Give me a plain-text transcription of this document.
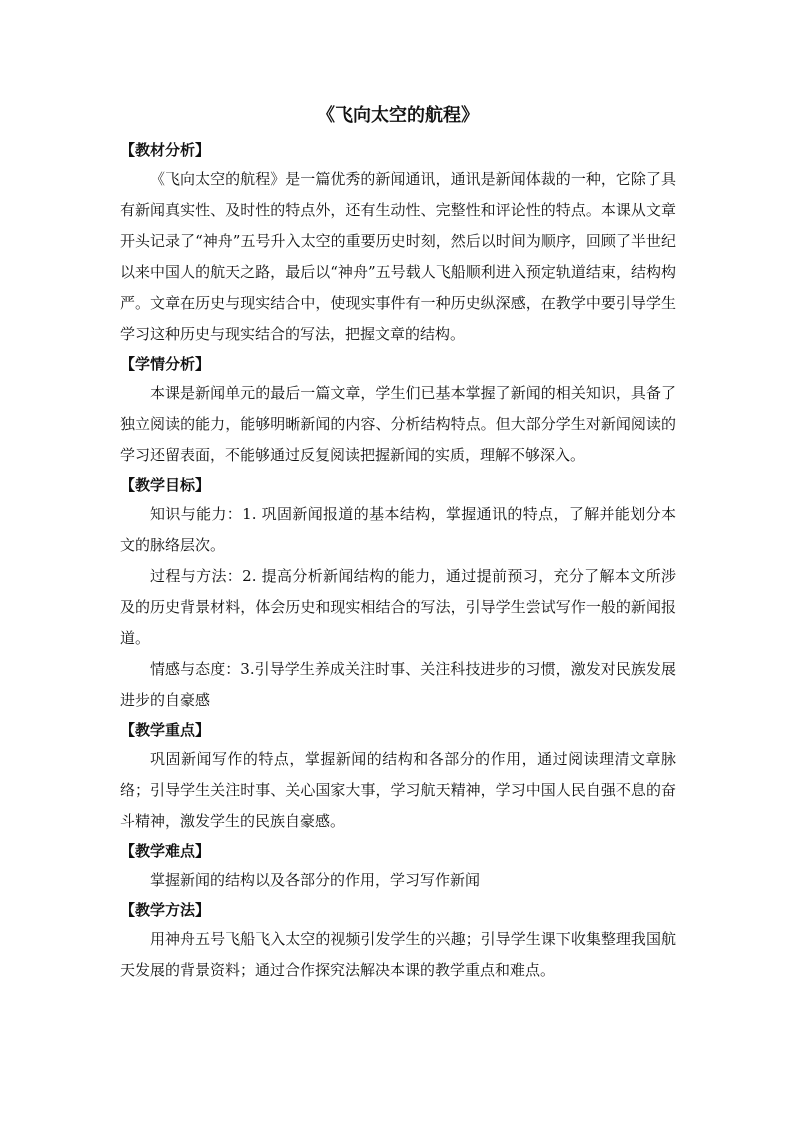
《飞向太空的航程》
【教材分析】

《飞向太空的航程》是一篇优秀的新闻通讯，通讯是新闻体裁的一种，它除了具有新闻真实性、及时性的特点外，还有生动性、完整性和评论性的特点。本课从文章开头记录了“神舟”五号升入太空的重要历史时刻，然后以时间为顺序，回顾了半世纪以来中国人的航天之路，最后以“神舟”五号载人飞船顺利进入预定轨道结束，结构构严。文章在历史与现实结合中，使现实事件有一种历史纵深感，在教学中要引导学生学习这种历史与现实结合的写法，把握文章的结构。

【学情分析】

本课是新闻单元的最后一篇文章，学生们已基本掌握了新闻的相关知识，具备了独立阅读的能力，能够明晰新闻的内容、分析结构特点。但大部分学生对新闻阅读的学习还留表面，不能够通过反复阅读把握新闻的实质，理解不够深入。

【教学目标】

知识与能力：1. 巩固新闻报道的基本结构，掌握通讯的特点，了解并能划分本文的脉络层次。

过程与方法：2. 提高分析新闻结构的能力，通过提前预习，充分了解本文所涉及的历史背景材料，体会历史和现实相结合的写法，引导学生尝试写作一般的新闻报道。

情感与态度：3.引导学生养成关注时事、关注科技进步的习惯，激发对民族发展进步的自豪感

【教学重点】

巩固新闻写作的特点，掌握新闻的结构和各部分的作用，通过阅读理清文章脉络；引导学生关注时事、关心国家大事，学习航天精神，学习中国人民自强不息的奋斗精神，激发学生的民族自豪感。

【教学难点】

掌握新闻的结构以及各部分的作用，学习写作新闻

【教学方法】

用神舟五号飞船飞入太空的视频引发学生的兴趣；引导学生课下收集整理我国航天发展的背景资料；通过合作探究法解决本课的教学重点和难点。
